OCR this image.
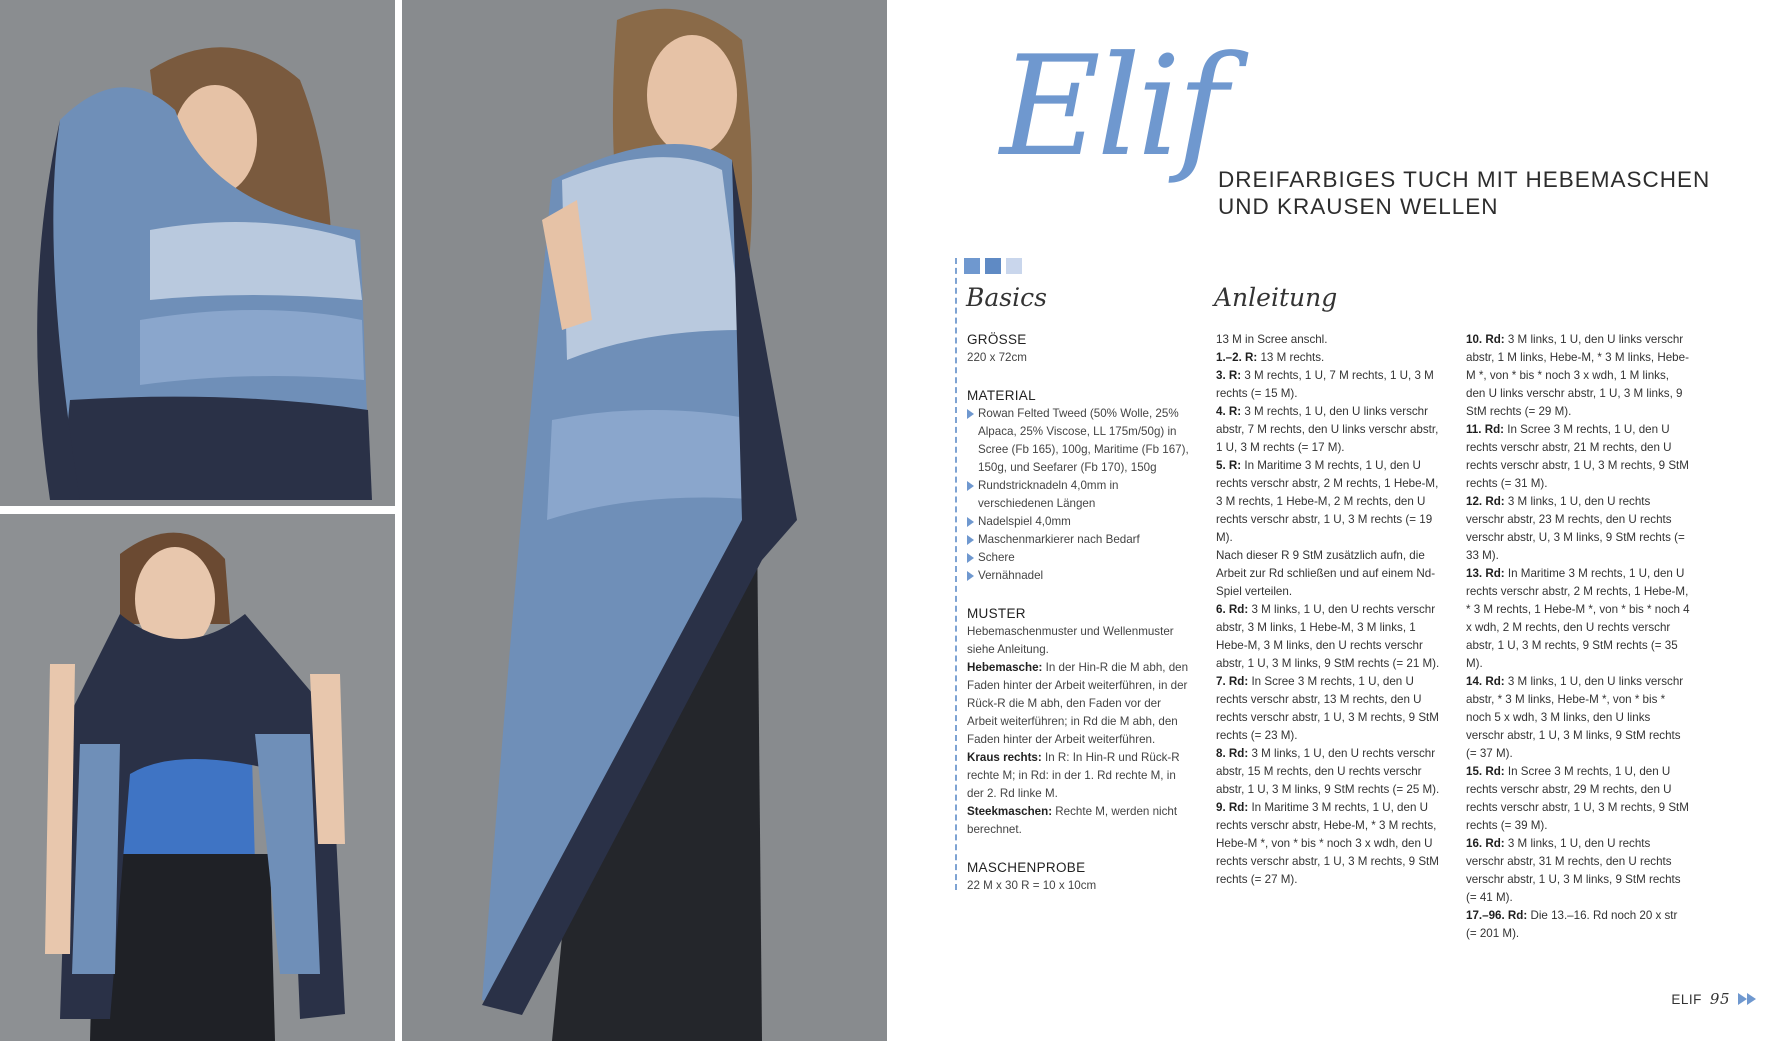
Elif
DREIFARBIGES TUCH MIT HEBEMASCHEN
UND KRAUSEN WELLEN
Basics	Anleitung

GRÖSSE

220 x 72cm

MATERIAL

Rowan Felted Tweed (50% Wolle, 25% Alpaca, 25% Viscose, LL 175m/50g) in Scree (Fb 165), 100g, Maritime (Fb 167), 150g, und Seefarer (Fb 170), 150g
Rundstricknadeln 4,0mm in verschiedenen Längen
Nadelspiel 4,0mm
Maschenmarkierer nach Bedarf
Schere
Vernähnadel

MUSTER

Hebemaschenmuster und Wellenmuster siehe Anleitung.

Hebemasche: In der Hin-R die M abh, den Faden hinter der Arbeit weiterführen, in der Rück-R die M abh, den Faden vor der Arbeit weiterführen; in Rd die M abh, den Faden hinter der Arbeit weiterführen.

Kraus rechts: In R: In Hin-R und Rück-R rechte M; in Rd: in der 1. Rd rechte M, in der 2. Rd linke M.

Steekmaschen: Rechte M, werden nicht berechnet.

MASCHENPROBE

22 M x 30 R = 10 x 10cm

13 M in Scree anschl.

1.–2. R: 13 M rechts.

3. R: 3 M rechts, 1 U, 7 M rechts, 1 U, 3 M rechts (= 15 M).

4. R: 3 M rechts, 1 U, den U links verschr abstr, 7 M rechts, den U links verschr abstr, 1 U, 3 M rechts (= 17 M).

5. R: In Maritime 3 M rechts, 1 U, den U rechts verschr abstr, 2 M rechts, 1 Hebe-M, 3 M rechts, 1 Hebe-M, 2 M rechts, den U rechts verschr abstr, 1 U, 3 M rechts (= 19 M).

Nach dieser R 9 StM zusätzlich aufn, die Arbeit zur Rd schließen und auf einem Nd-Spiel verteilen.

6. Rd: 3 M links, 1 U, den U rechts verschr abstr, 3 M links, 1 Hebe-M, 3 M links, 1 Hebe-M, 3 M links, den U rechts verschr abstr, 1 U, 3 M links, 9 StM rechts (= 21 M).

7. Rd: In Scree 3 M rechts, 1 U, den U rechts verschr abstr, 13 M rechts, den U rechts verschr abstr, 1 U, 3 M rechts, 9 StM rechts (= 23 M).

8. Rd: 3 M links, 1 U, den U rechts verschr abstr, 15 M rechts, den U rechts verschr abstr, 1 U, 3 M links, 9 StM rechts (= 25 M).

9. Rd: In Maritime 3 M rechts, 1 U, den U rechts verschr abstr, Hebe-M, * 3 M rechts, Hebe-M *, von * bis * noch 3 x wdh, den U rechts verschr abstr, 1 U, 3 M rechts, 9 StM rechts (= 27 M).

10. Rd: 3 M links, 1 U, den U links verschr abstr, 1 M links, Hebe-M, * 3 M links, Hebe-M *, von * bis * noch 3 x wdh, 1 M links, den U links verschr abstr, 1 U, 3 M links, 9 StM rechts (= 29 M).

11. Rd: In Scree 3 M rechts, 1 U, den U rechts verschr abstr, 21 M rechts, den U rechts verschr abstr, 1 U, 3 M rechts, 9 StM rechts (= 31 M).

12. Rd: 3 M links, 1 U, den U rechts verschr abstr, 23 M rechts, den U rechts verschr abstr, U, 3 M links, 9 StM rechts (= 33 M).

13. Rd: In Maritime 3 M rechts, 1 U, den U rechts verschr abstr, 2 M rechts, 1 Hebe-M, * 3 M rechts, 1 Hebe-M *, von * bis * noch 4 x wdh, 2 M rechts, den U rechts verschr abstr, 1 U, 3 M rechts, 9 StM rechts (= 35 M).

14. Rd: 3 M links, 1 U, den U links verschr abstr, * 3 M links, Hebe-M *, von * bis * noch 5 x wdh, 3 M links, den U links verschr abstr, 1 U, 3 M links, 9 StM rechts (= 37 M).

15. Rd: In Scree 3 M rechts, 1 U, den U rechts verschr abstr, 29 M rechts, den U rechts verschr abstr, 1 U, 3 M rechts, 9 StM rechts (= 39 M).

16. Rd: 3 M links, 1 U, den U rechts verschr abstr, 31 M rechts, den U rechts verschr abstr, 1 U, 3 M links, 9 StM rechts (= 41 M).

17.–96. Rd: Die 13.–16. Rd noch 20 x str (= 201 M).

ELIF 95
